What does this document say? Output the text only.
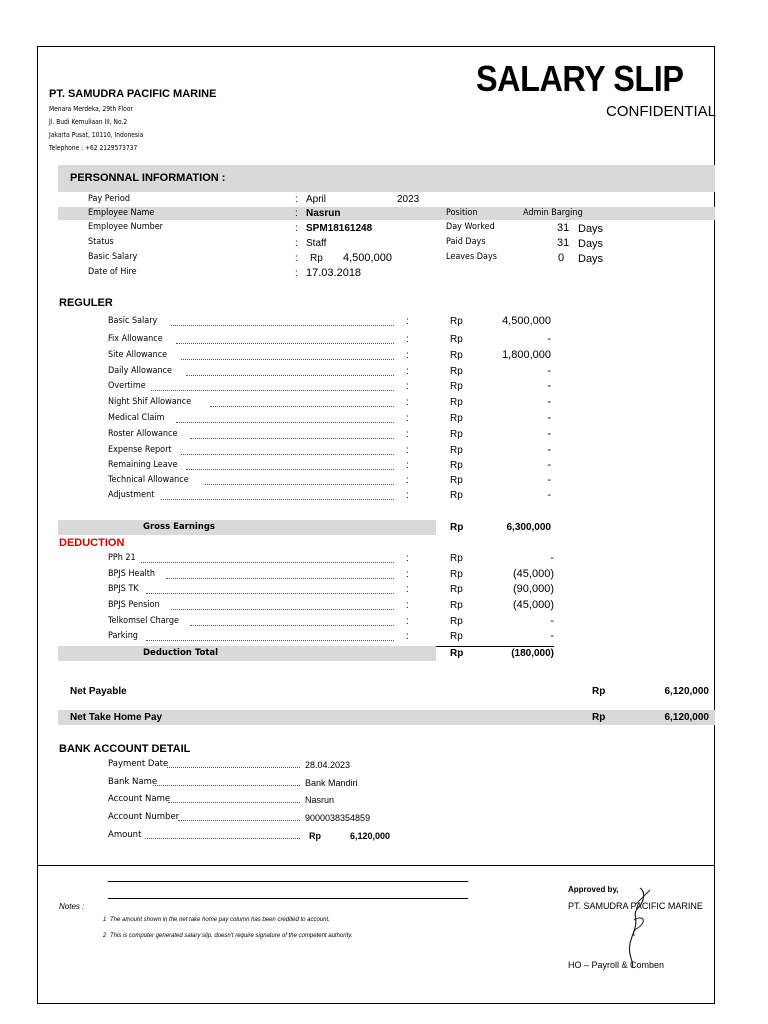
PT. SAMUDRA PACIFIC MARINE
Menara Merdeka, 29th Floor
Jl. Budi Kemuliaan III, No.2
Jakarta Pusat, 10110, Indonesia
Telephone : +62 2129573737
SALARY SLIP
CONFIDENTIAL
PERSONNAL INFORMATION :
Pay Period	: April	2023
Employee Name	: Nasrun
Employee Number	: SPM18161248
Status	: Staff
Basic Salary	: Rp 4,500,000
Date of Hire	: 17.03.2018
Position	Admin Barging
Day Worked	31 Days
Paid Days	31 Days
Leaves Days	0 Days
REGULER
Basic Salary	:	Rp	4,500,000
Fix Allowance	:	Rp	-
Site Allowance	:	Rp	1,800,000
Daily Allowance	:	Rp	-
Overtime	:	Rp	-
Night Shif Allowance	:	Rp	-
Medical Claim	:	Rp	-
Roster Allowance	:	Rp	-
Expense Report	:	Rp	-
Remaining Leave	:	Rp	-
Technical Allowance	:	Rp	-
Adjustment	:	Rp	-
Gross Earnings	Rp	6,300,000
DEDUCTION
PPh 21	:	Rp	-
BPJS Health	:	Rp	(45,000)
BPJS TK	:	Rp	(90,000)
BPJS Pension	:	Rp	(45,000)
Telkomsel Charge	:	Rp	-
Parking	:	Rp	-
Deduction Total	Rp	(180,000)
Net Payable	Rp	6,120,000
Net Take Home Pay	Rp	6,120,000
BANK ACCOUNT DETAIL
Payment Date	28.04.2023
Bank Name	Bank Mandiri
Account Name	Nasrun
Account Number	9000038354859
Amount	Rp	6,120,000
Notes :
1 The amount shown in the net take home pay column has been credited to account.
2 This is computer generated salary slip, doesn't require signature of the competent authority.
Approved by,
PT. SAMUDRA PACIFIC MARINE
HO – Payroll & Comben
